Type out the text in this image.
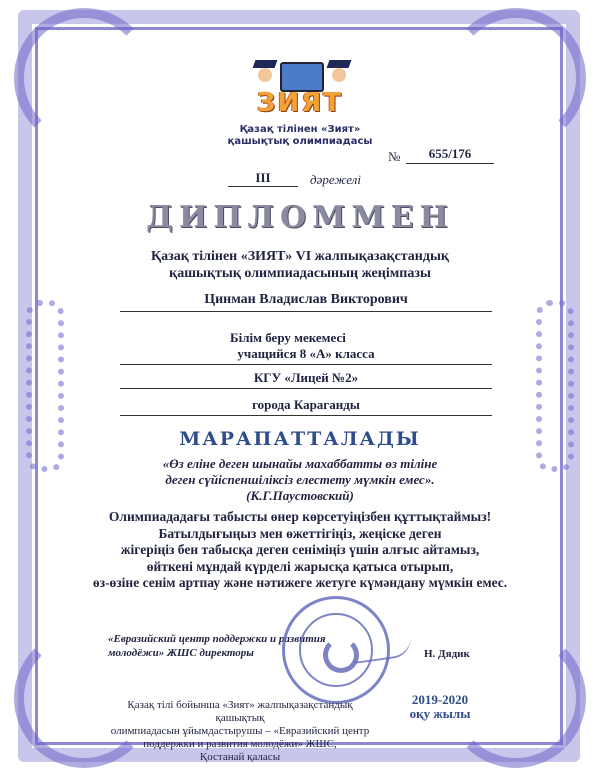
ЗИЯТ
Қазақ тілінен «Зият»
қашықтық олимпиадасы
№	655/176
III	дәрежелі
ДИПЛОММЕН
Қазақ тілінен «ЗИЯТ» VI жалпықазақстандық
қашықтық олимпиадасының жеңімпазы
Цинман Владислав Викторович
Білім беру мекемесі
учащийся 8 «А» класса
КГУ «Лицей №2»
города Караганды
МАРАПАТТАЛАДЫ
«Өз еліне деген шынайы махаббатты өз тіліне
деген сүйіспеншіліксіз елестету мүмкін емес».
(К.Г.Паустовский)
Олимпиададағы табысты өнер көрсетуіңізбен құттықтаймыз!
Батылдығыңыз мен өжеттігіңіз, жеңіске деген
жігеріңіз бен табысқа деген сеніміңіз үшін алғыс айтамыз,
өйткені мұндай күрделі жарысқа қатыса отырып,
өз-өзіне сенім артпау және нәтижеге жетуге күмәндану мүмкін емес.
«Евразийский центр поддержки и развития
молодёжи» ЖШС директоры	Н. Дядик
2019-2020
оқу жылы
Қазақ тілі бойынша «Зият» жалпықазақстандық қашықтық
олимпиадасын ұйымдастырушы – «Евразийский центр
поддержки и развития молодёжи» ЖШС,
Қостанай қаласы
